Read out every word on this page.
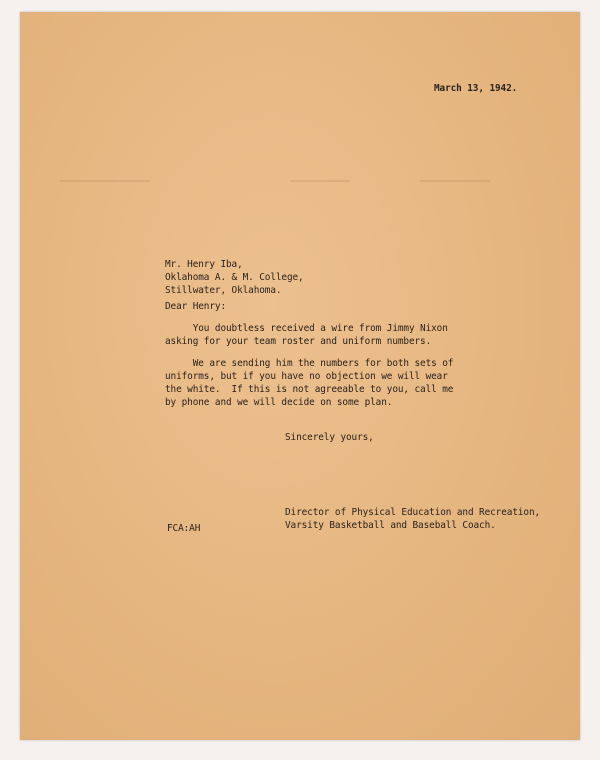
March 13, 1942.
Mr. Henry Iba,
Oklahoma A. & M. College,
Stillwater, Oklahoma.
Dear Henry:
You doubtless received a wire from Jimmy Nixon
asking for your team roster and uniform numbers.
We are sending him the numbers for both sets of
uniforms, but if you have no objection we will wear
the white.  If this is not agreeable to you, call me
by phone and we will decide on some plan.
Sincerely yours,
Director of Physical Education and Recreation,
Varsity Basketball and Baseball Coach.
FCA:AH
